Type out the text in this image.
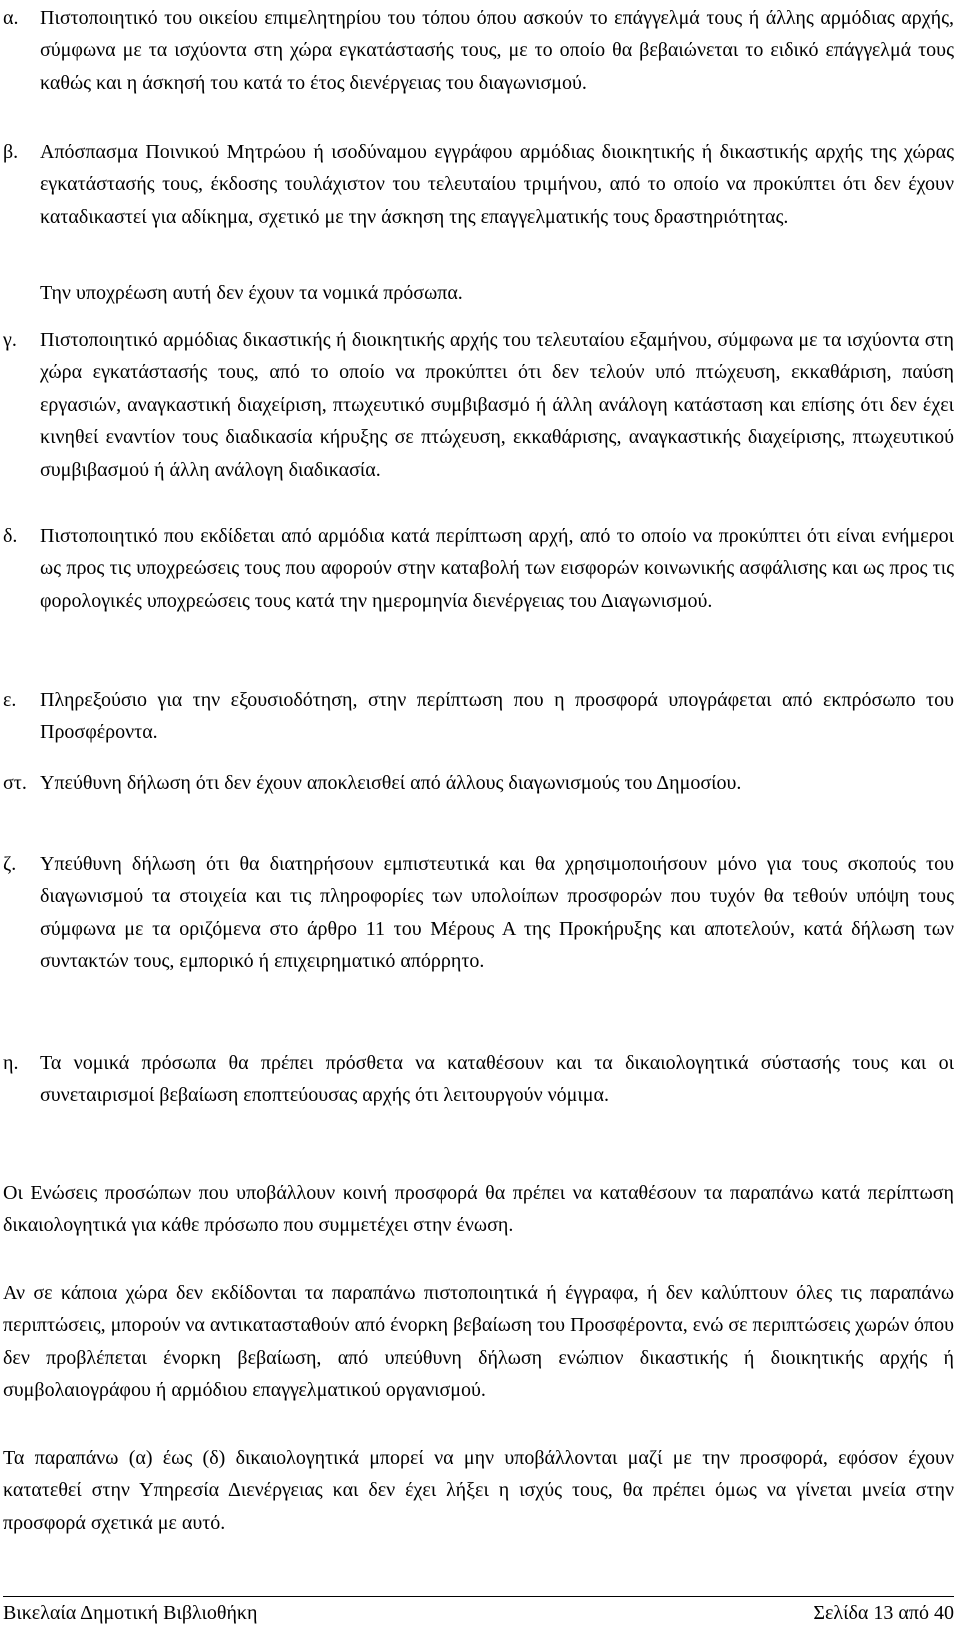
α. Πιστοποιητικό του οικείου επιμελητηρίου του τόπου όπου ασκούν το επάγγελμά τους ή άλλης αρμόδιας αρχής, σύμφωνα με τα ισχύοντα στη χώρα εγκατάστασής τους, με το οποίο θα βεβαιώνεται το ειδικό επάγγελμά τους καθώς και η άσκησή του κατά το έτος διενέργειας του διαγωνισμού.

β. Απόσπασμα Ποινικού Μητρώου ή ισοδύναμου εγγράφου αρμόδιας διοικητικής ή δικαστικής αρχής της χώρας εγκατάστασής τους, έκδοσης τουλάχιστον του τελευταίου τριμήνου, από το οποίο να προκύπτει ότι δεν έχουν καταδικαστεί για αδίκημα, σχετικό με την άσκηση της επαγγελματικής τους δραστηριότητας.

Την υποχρέωση αυτή δεν έχουν τα νομικά πρόσωπα.

γ. Πιστοποιητικό αρμόδιας δικαστικής ή διοικητικής αρχής του τελευταίου εξαμήνου, σύμφωνα με τα ισχύοντα στη χώρα εγκατάστασής τους, από το οποίο να προκύπτει ότι δεν τελούν υπό πτώχευση, εκκαθάριση, παύση εργασιών, αναγκαστική διαχείριση, πτωχευτικό συμβιβασμό ή άλλη ανάλογη κατάσταση και επίσης ότι δεν έχει κινηθεί εναντίον τους διαδικασία κήρυξης σε πτώχευση, εκκαθάρισης, αναγκαστικής διαχείρισης, πτωχευτικού συμβιβασμού ή άλλη ανάλογη διαδικασία.

δ. Πιστοποιητικό που εκδίδεται από αρμόδια κατά περίπτωση αρχή, από το οποίο να προκύπτει ότι είναι ενήμεροι ως προς τις υποχρεώσεις τους που αφορούν στην καταβολή των εισφορών κοινωνικής ασφάλισης και ως προς τις φορολογικές υποχρεώσεις τους κατά την ημερομηνία διενέργειας του Διαγωνισμού.

ε. Πληρεξούσιο για την εξουσιοδότηση, στην περίπτωση που η προσφορά υπογράφεται από εκπρόσωπο του Προσφέροντα.

στ. Υπεύθυνη δήλωση ότι δεν έχουν αποκλεισθεί από άλλους διαγωνισμούς του Δημοσίου.

ζ. Υπεύθυνη δήλωση ότι θα διατηρήσουν εμπιστευτικά και θα χρησιμοποιήσουν μόνο για τους σκοπούς του διαγωνισμού τα στοιχεία και τις πληροφορίες των υπολοίπων προσφορών που τυχόν θα τεθούν υπόψη τους σύμφωνα με τα οριζόμενα στο άρθρο 11 του Μέρους Α της Προκήρυξης και αποτελούν, κατά δήλωση των συντακτών τους, εμπορικό ή επιχειρηματικό απόρρητο.

η. Τα νομικά πρόσωπα θα πρέπει πρόσθετα να καταθέσουν και τα δικαιολογητικά σύστασής τους και οι συνεταιρισμοί βεβαίωση εποπτεύουσας αρχής ότι λειτουργούν νόμιμα.

Οι Ενώσεις προσώπων που υποβάλλουν κοινή προσφορά θα πρέπει να καταθέσουν τα παραπάνω κατά περίπτωση δικαιολογητικά για κάθε πρόσωπο που συμμετέχει στην ένωση.

Αν σε κάποια χώρα δεν εκδίδονται τα παραπάνω πιστοποιητικά ή έγγραφα, ή δεν καλύπτουν όλες τις παραπάνω περιπτώσεις, μπορούν να αντικατασταθούν από ένορκη βεβαίωση του Προσφέροντα, ενώ σε περιπτώσεις χωρών όπου δεν προβλέπεται ένορκη βεβαίωση, από υπεύθυνη δήλωση ενώπιον δικαστικής ή διοικητικής αρχής ή συμβολαιογράφου ή αρμόδιου επαγγελματικού οργανισμού.

Τα παραπάνω (α) έως (δ) δικαιολογητικά μπορεί να μην υποβάλλονται μαζί με την προσφορά, εφόσον έχουν κατατεθεί στην Υπηρεσία Διενέργειας και δεν έχει λήξει η ισχύς τους, θα πρέπει όμως να γίνεται μνεία στην προσφορά σχετικά με αυτό.

Βικελαία Δημοτική Βιβλιοθήκη	Σελίδα 13 από 40
